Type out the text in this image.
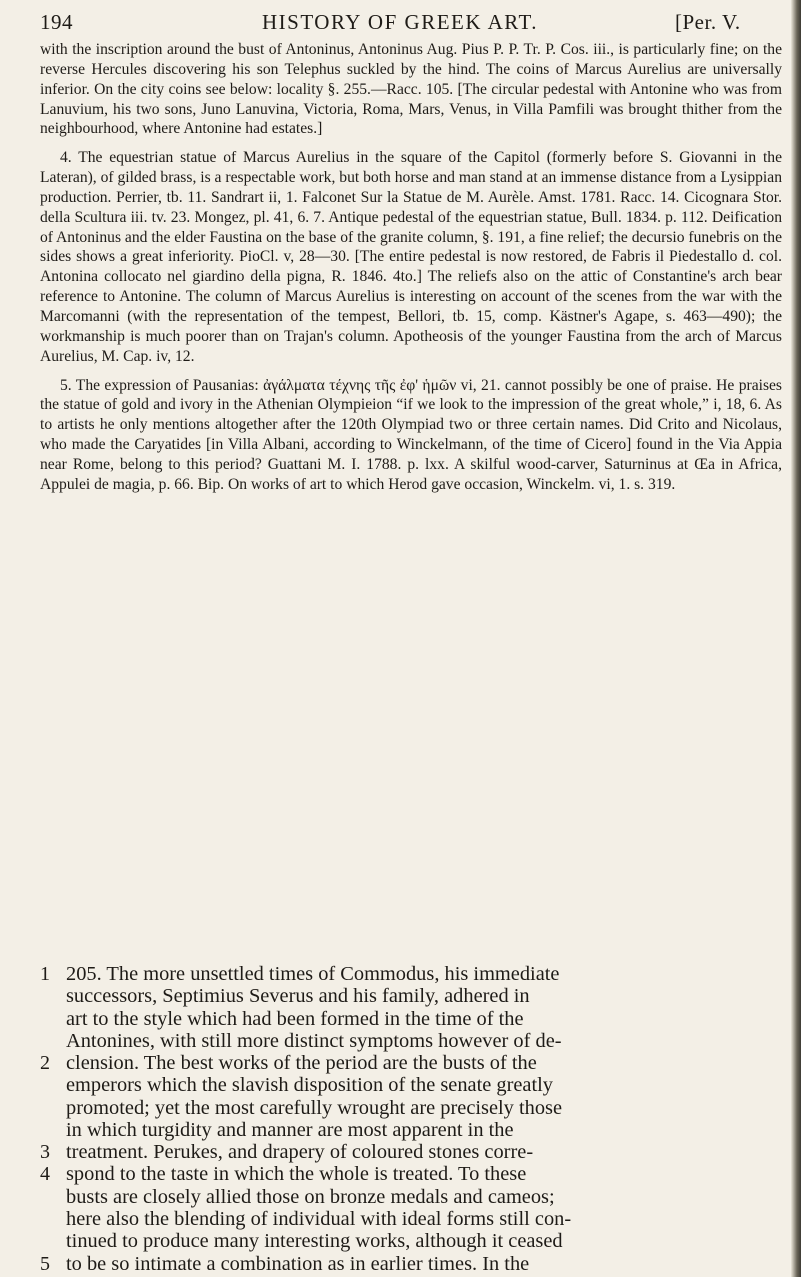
194	HISTORY OF GREEK ART.	[Per. V.

with the inscription around the bust of Antoninus, Antoninus Aug. Pius P. P. Tr. P. Cos. iii., is particularly fine; on the reverse Hercules discovering his son Telephus suckled by the hind. The coins of Marcus Aurelius are universally inferior. On the city coins see below: locality §. 255.—Racc. 105. [The circular pedestal with Antonine who was from Lanuvium, his two sons, Juno Lanuvina, Victoria, Roma, Mars, Venus, in Villa Pamfili was brought thither from the neighbourhood, where Antonine had estates.]

4. The equestrian statue of Marcus Aurelius in the square of the Capitol (formerly before S. Giovanni in the Lateran), of gilded brass, is a respectable work, but both horse and man stand at an immense distance from a Lysippian production. Perrier, tb. 11. Sandrart ii, 1. Falconet Sur la Statue de M. Aurèle. Amst. 1781. Racc. 14. Cicognara Stor. della Scultura iii. tv. 23. Mongez, pl. 41, 6. 7. Antique pedestal of the equestrian statue, Bull. 1834. p. 112. Deification of Antoninus and the elder Faustina on the base of the granite column, §. 191, a fine relief; the decursio funebris on the sides shows a great inferiority. PioCl. v, 28—30. [The entire pedestal is now restored, de Fabris il Piedestallo d. col. Antonina collocato nel giardino della pigna, R. 1846. 4to.] The reliefs also on the attic of Constantine's arch bear reference to Antonine. The column of Marcus Aurelius is interesting on account of the scenes from the war with the Marcomanni (with the representation of the tempest, Bellori, tb. 15, comp. Kästner's Agape, s. 463—490); the workmanship is much poorer than on Trajan's column. Apotheosis of the younger Faustina from the arch of Marcus Aurelius, M. Cap. iv, 12.

5. The expression of Pausanias: ἀγάλματα τέχνης τῆς ἐφ' ἡμῶν vi, 21. cannot possibly be one of praise. He praises the statue of gold and ivory in the Athenian Olympieion “if we look to the impression of the great whole,” i, 18, 6. As to artists he only mentions altogether after the 120th Olympiad two or three certain names. Did Crito and Nicolaus, who made the Caryatides [in Villa Albani, according to Winckelmann, of the time of Cicero] found in the Via Appia near Rome, belong to this period? Guattani M. I. 1788. p. lxx. A skilful wood-carver, Saturninus at Œa in Africa, Appulei de magia, p. 66. Bip. On works of art to which Herod gave occasion, Winckelm. vi, 1. s. 319.

1
2
3
4
5
205. The more unsettled times of Commodus, his immediate
successors, Septimius Severus and his family, adhered in
art to the style which had been formed in the time of the
Antonines, with still more distinct symptoms however of de-
clension. The best works of the period are the busts of the
emperors which the slavish disposition of the senate greatly
promoted; yet the most carefully wrought are precisely those
in which turgidity and manner are most apparent in the
treatment. Perukes, and drapery of coloured stones corre-
spond to the taste in which the whole is treated. To these
busts are closely allied those on bronze medals and cameos;
here also the blending of individual with ideal forms still con-
tinued to produce many interesting works, although it ceased
to be so intimate a combination as in earlier times. In the
